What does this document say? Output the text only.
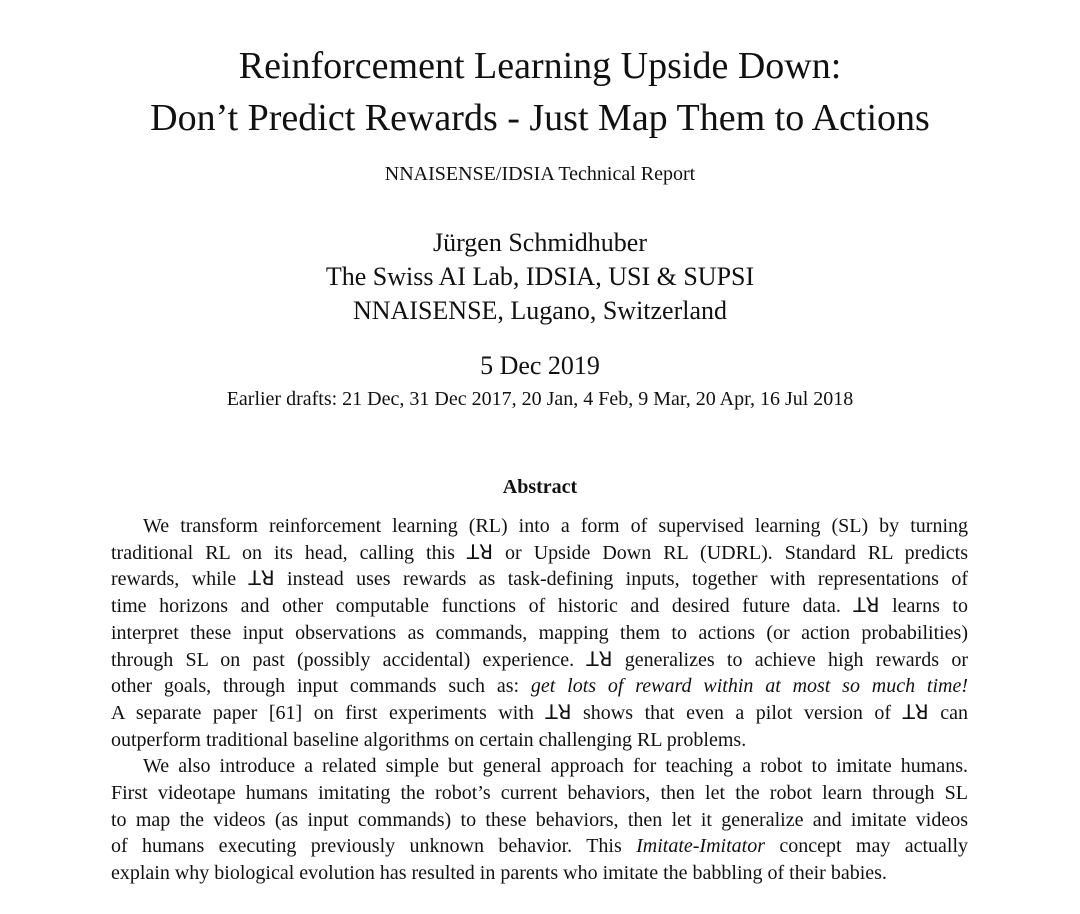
Reinforcement Learning Upside Down:
Don’t Predict Rewards - Just Map Them to Actions
NNAISENSE/IDSIA Technical Report
Jürgen Schmidhuber
The Swiss AI Lab, IDSIA, USI & SUPSI
NNAISENSE, Lugano, Switzerland
5 Dec 2019
Earlier drafts: 21 Dec, 31 Dec 2017, 20 Jan, 4 Feb, 9 Mar, 20 Apr, 16 Jul 2018
Abstract
We transform reinforcement learning (RL) into a form of supervised learning (SL) by turning
traditional RL on its head, calling this ꓕꓤ or Upside Down RL (UDRL). Standard RL predicts
rewards, while ꓕꓤ instead uses rewards as task-defining inputs, together with representations of
time horizons and other computable functions of historic and desired future data. ꓕꓤ learns to
interpret these input observations as commands, mapping them to actions (or action probabilities)
through SL on past (possibly accidental) experience. ꓕꓤ generalizes to achieve high rewards or
other goals, through input commands such as: get lots of reward within at most so much time!
A separate paper [61] on first experiments with ꓕꓤ shows that even a pilot version of ꓕꓤ can
outperform traditional baseline algorithms on certain challenging RL problems.
We also introduce a related simple but general approach for teaching a robot to imitate humans.
First videotape humans imitating the robot’s current behaviors, then let the robot learn through SL
to map the videos (as input commands) to these behaviors, then let it generalize and imitate videos
of humans executing previously unknown behavior. This Imitate-Imitator concept may actually
explain why biological evolution has resulted in parents who imitate the babbling of their babies.
